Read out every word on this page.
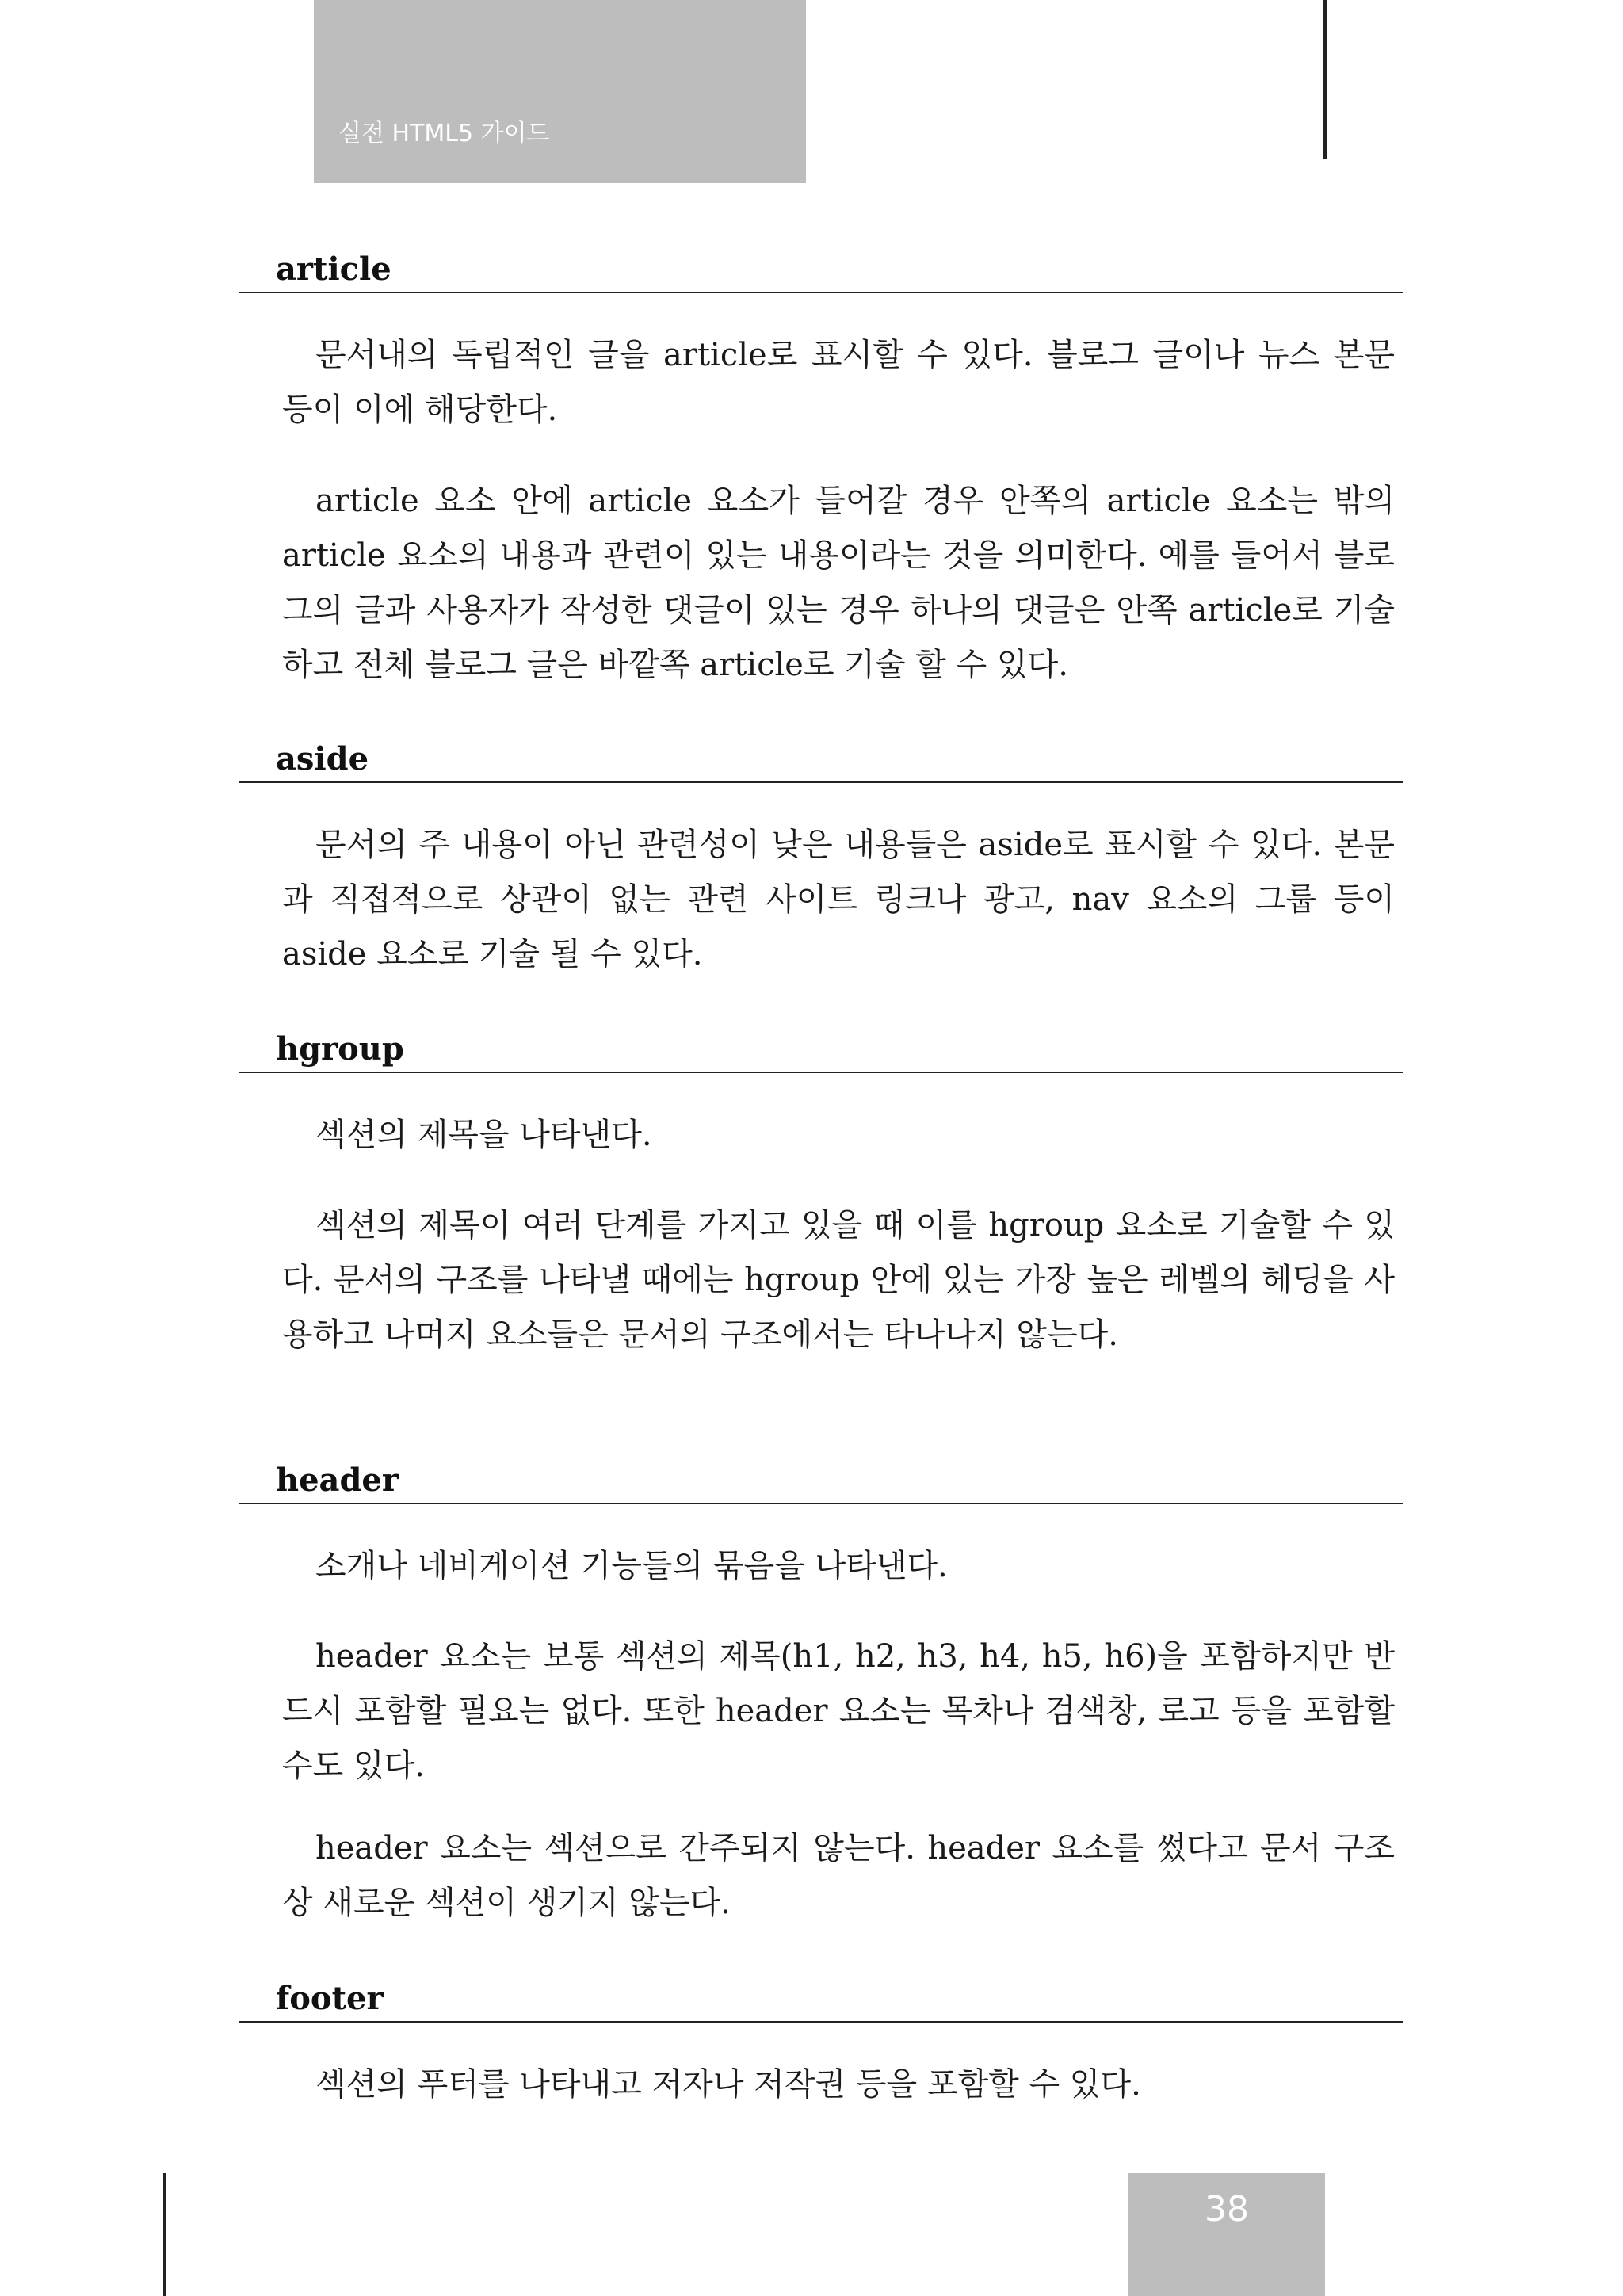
실전 HTML5 가이드
article

문서내의 독립적인 글을 article로 표시할 수 있다. 블로그 글이나 뉴스 본문 등이 이에 해당한다.

article 요소 안에 article 요소가 들어갈 경우 안쪽의 article 요소는 밖의 article 요소의 내용과 관련이 있는 내용이라는 것을 의미한다. 예를 들어서 블로그의 글과 사용자가 작성한 댓글이 있는 경우 하나의 댓글은 안쪽 article로 기술하고 전체 블로그 글은 바깥쪽 article로 기술 할 수 있다.

aside

문서의 주 내용이 아닌 관련성이 낮은 내용들은 aside로 표시할 수 있다. 본문과 직접적으로 상관이 없는 관련 사이트 링크나 광고, nav 요소의 그룹 등이 aside 요소로 기술 될 수 있다.

hgroup

섹션의 제목을 나타낸다.

섹션의 제목이 여러 단계를 가지고 있을 때 이를 hgroup 요소로 기술할 수 있다. 문서의 구조를 나타낼 때에는 hgroup 안에 있는 가장 높은 레벨의 헤딩을 사용하고 나머지 요소들은 문서의 구조에서는 타나나지 않는다.

header

소개나 네비게이션 기능들의 묶음을 나타낸다.

header 요소는 보통 섹션의 제목(h1, h2, h3, h4, h5, h6)을 포함하지만 반드시 포함할 필요는 없다. 또한 header 요소는 목차나 검색창, 로고 등을 포함할 수도 있다.

header 요소는 섹션으로 간주되지 않는다. header 요소를 썼다고 문서 구조상 새로운 섹션이 생기지 않는다.

footer

섹션의 푸터를 나타내고 저자나 저작권 등을 포함할 수 있다.

38
